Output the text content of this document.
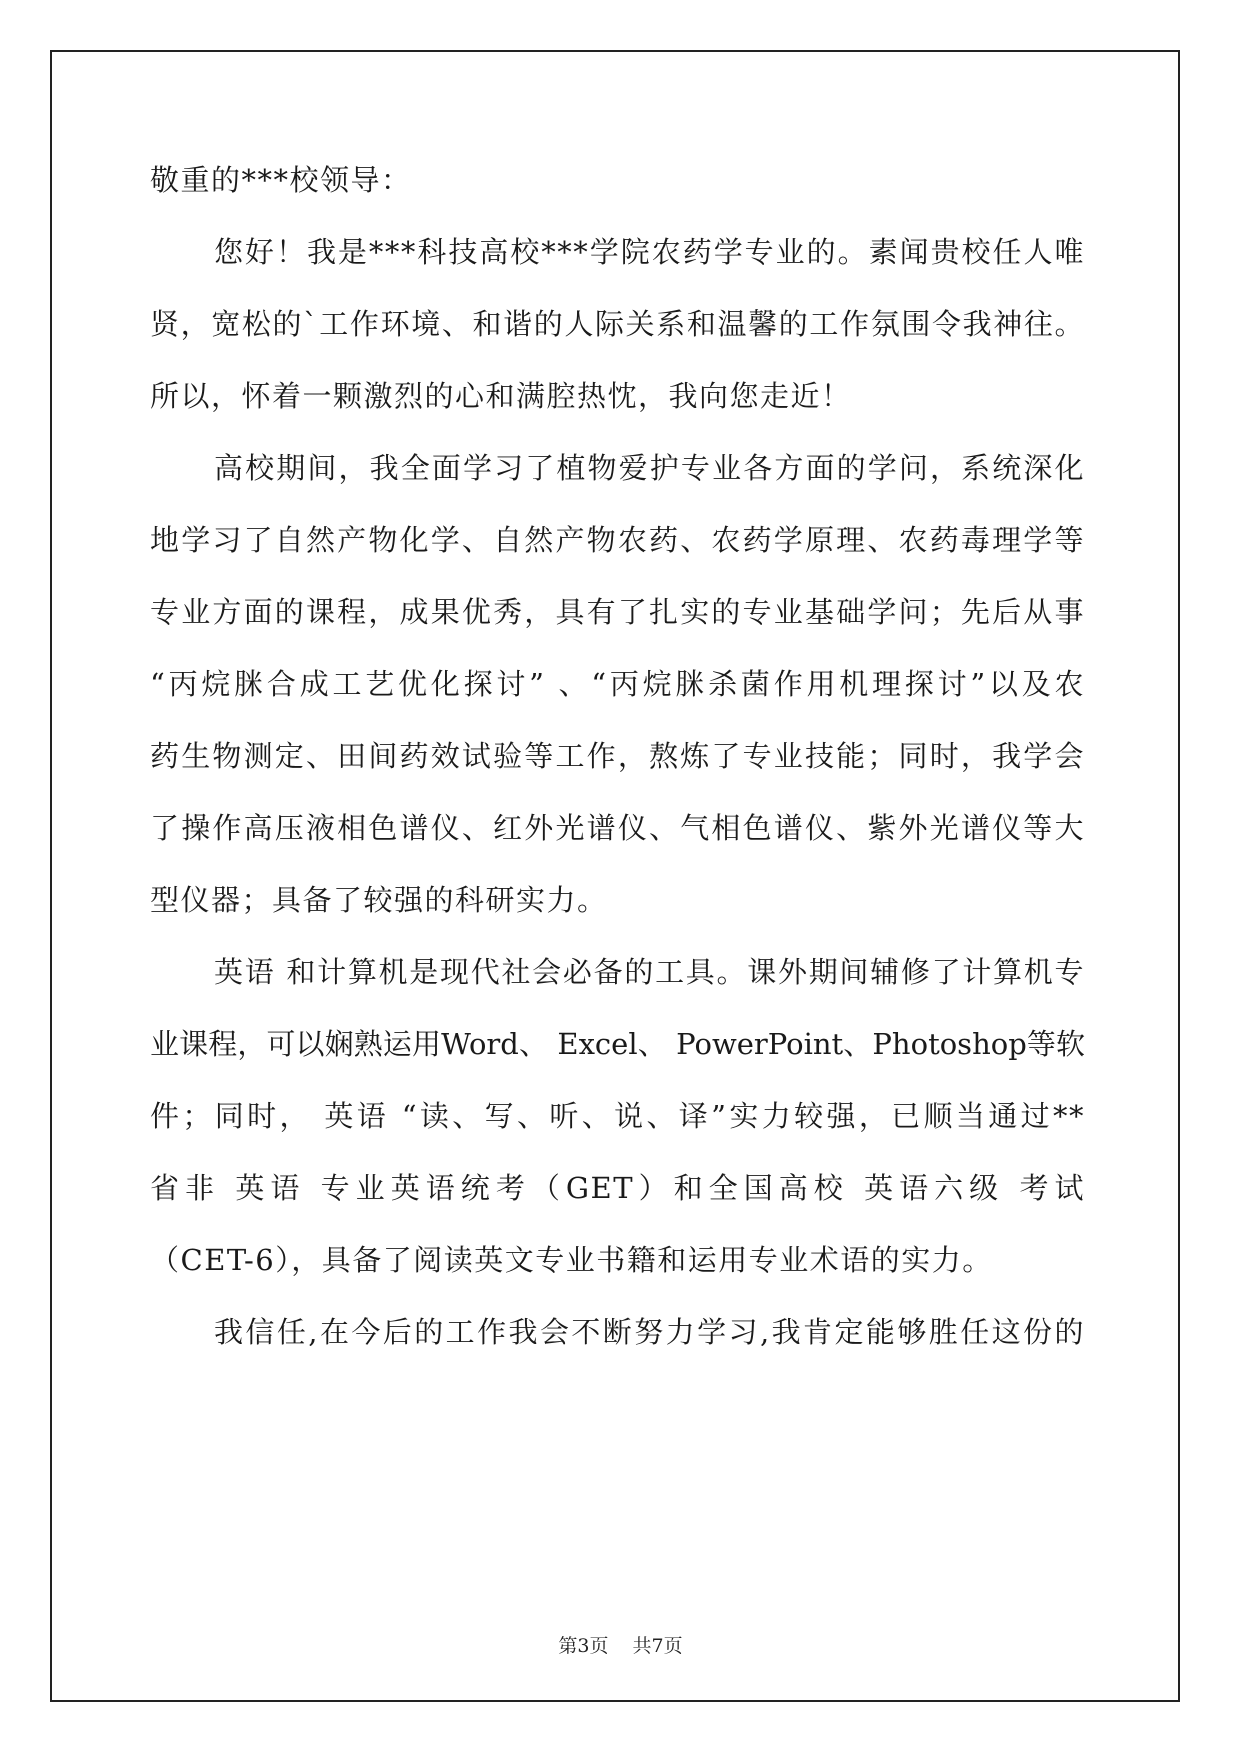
敬重的***校领导：
您好！我是***科技高校***学院农药学专业的。素闻贵校任人唯
贤，宽松的`工作环境、和谐的人际关系和温馨的工作氛围令我神往。
所以，怀着一颗激烈的心和满腔热忱，我向您走近！
高校期间，我全面学习了植物爱护专业各方面的学问，系统深化
地学习了自然产物化学、自然产物农药、农药学原理、农药毒理学等
专业方面的课程，成果优秀，具有了扎实的专业基础学问；先后从事
“丙烷脒合成工艺优化探讨” 、“丙烷脒杀菌作用机理探讨”以及农
药生物测定、田间药效试验等工作，熬炼了专业技能；同时，我学会
了操作高压液相色谱仪、红外光谱仪、气相色谱仪、紫外光谱仪等大
型仪器；具备了较强的科研实力。
英语 和计算机是现代社会必备的工具。课外期间辅修了计算机专
业课程，可以娴熟运用Word、 Excel、 PowerPoint、Photoshop等软
件；同时， 英语 “读、写、听、说、译”实力较强，已顺当通过**
省非 英语 专业英语统考（GET）和全国高校 英语六级 考试
（CET-6），具备了阅读英文专业书籍和运用专业术语的实力。
我信任,在今后的工作我会不断努力学习,我肯定能够胜任这份的
第3页 共7页
